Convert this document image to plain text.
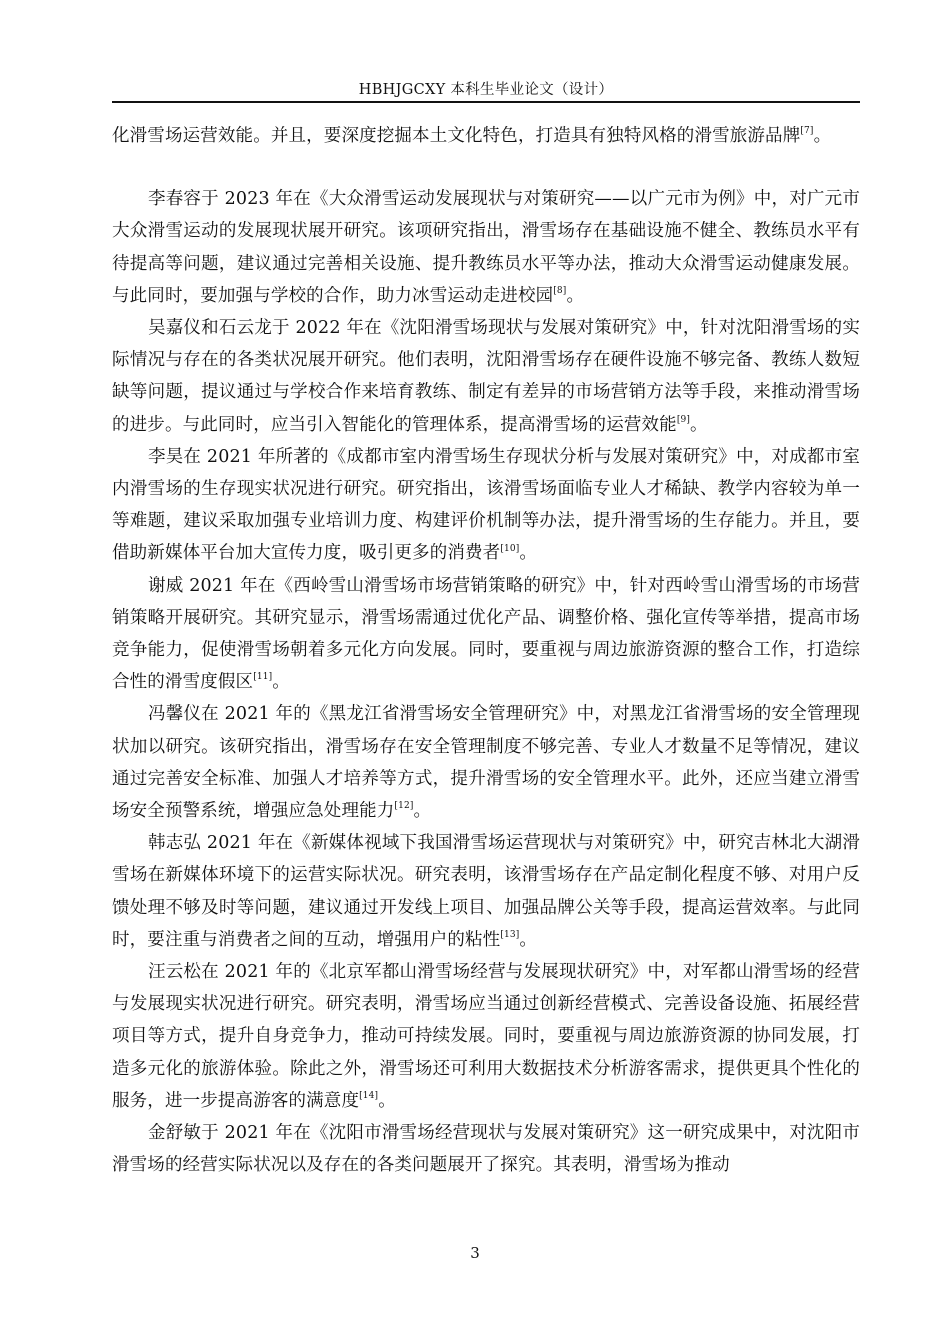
HBHJGCXY 本科生毕业论文（设计）

化滑雪场运营效能。并且，要深度挖掘本土文化特色，打造具有独特风格的滑雪旅游品牌[7]。

李春容于 2023 年在《大众滑雪运动发展现状与对策研究——以广元市为例》中，对广元市大众滑雪运动的发展现状展开研究。该项研究指出，滑雪场存在基础设施不健全、教练员水平有待提高等问题，建议通过完善相关设施、提升教练员水平等办法，推动大众滑雪运动健康发展。与此同时，要加强与学校的合作，助力冰雪运动走进校园[8]。

吴嘉仪和石云龙于 2022 年在《沈阳滑雪场现状与发展对策研究》中，针对沈阳滑雪场的实际情况与存在的各类状况展开研究。他们表明，沈阳滑雪场存在硬件设施不够完备、教练人数短缺等问题，提议通过与学校合作来培育教练、制定有差异的市场营销方法等手段，来推动滑雪场的进步。与此同时，应当引入智能化的管理体系，提高滑雪场的运营效能[9]。

李昊在 2021 年所著的《成都市室内滑雪场生存现状分析与发展对策研究》中，对成都市室内滑雪场的生存现实状况进行研究。研究指出，该滑雪场面临专业人才稀缺、教学内容较为单一等难题，建议采取加强专业培训力度、构建评价机制等办法，提升滑雪场的生存能力。并且，要借助新媒体平台加大宣传力度，吸引更多的消费者[10]。

谢威 2021 年在《西岭雪山滑雪场市场营销策略的研究》中，针对西岭雪山滑雪场的市场营销策略开展研究。其研究显示，滑雪场需通过优化产品、调整价格、强化宣传等举措，提高市场竞争能力，促使滑雪场朝着多元化方向发展。同时，要重视与周边旅游资源的整合工作，打造综合性的滑雪度假区[11]。

冯馨仪在 2021 年的《黑龙江省滑雪场安全管理研究》中，对黑龙江省滑雪场的安全管理现状加以研究。该研究指出，滑雪场存在安全管理制度不够完善、专业人才数量不足等情况，建议通过完善安全标准、加强人才培养等方式，提升滑雪场的安全管理水平。此外，还应当建立滑雪场安全预警系统，增强应急处理能力[12]。

韩志弘 2021 年在《新媒体视域下我国滑雪场运营现状与对策研究》中，研究吉林北大湖滑雪场在新媒体环境下的运营实际状况。研究表明，该滑雪场存在产品定制化程度不够、对用户反馈处理不够及时等问题，建议通过开发线上项目、加强品牌公关等手段，提高运营效率。与此同时，要注重与消费者之间的互动，增强用户的粘性[13]。

汪云松在 2021 年的《北京军都山滑雪场经营与发展现状研究》中，对军都山滑雪场的经营与发展现实状况进行研究。研究表明，滑雪场应当通过创新经营模式、完善设备设施、拓展经营项目等方式，提升自身竞争力，推动可持续发展。同时，要重视与周边旅游资源的协同发展，打造多元化的旅游体验。除此之外，滑雪场还可利用大数据技术分析游客需求，提供更具个性化的服务，进一步提高游客的满意度[14]。

金舒敏于 2021 年在《沈阳市滑雪场经营现状与发展对策研究》这一研究成果中，对沈阳市滑雪场的经营实际状况以及存在的各类问题展开了探究。其表明，滑雪场为推动

3
